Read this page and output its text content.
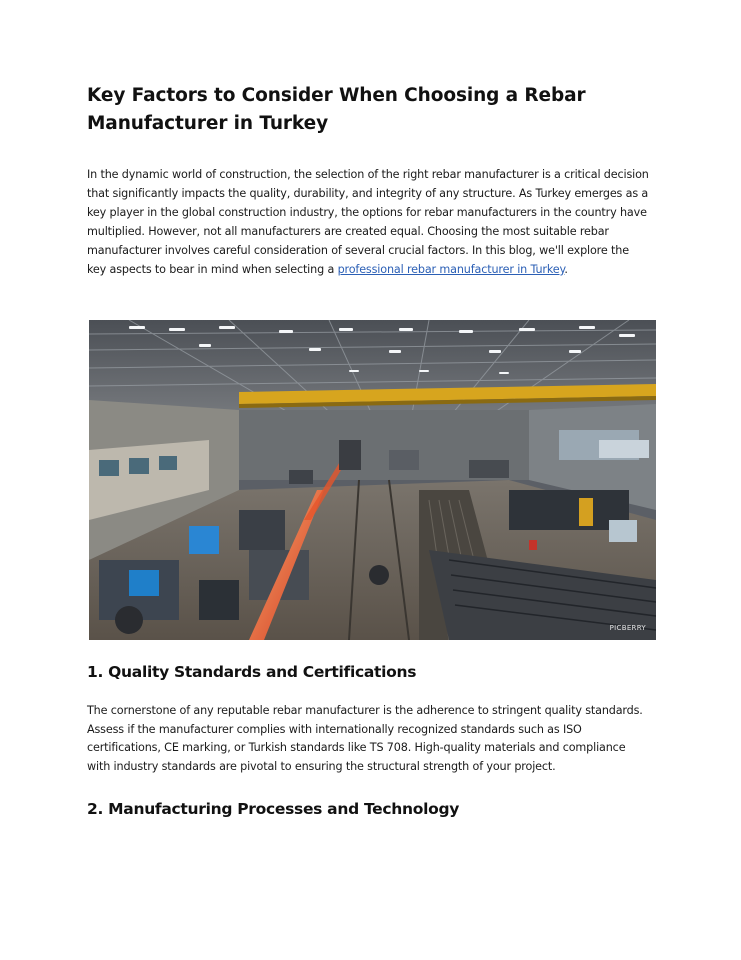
Key Factors to Consider When Choosing a Rebar Manufacturer in Turkey

In the dynamic world of construction, the selection of the right rebar manufacturer is a critical decision that significantly impacts the quality, durability, and integrity of any structure. As Turkey emerges as a key player in the global construction industry, the options for rebar manufacturers in the country have multiplied. However, not all manufacturers are created equal. Choosing the most suitable rebar manufacturer involves careful consideration of several crucial factors. In this blog, we'll explore the key aspects to bear in mind when selecting a professional rebar manufacturer in Turkey.

PICBERRY
1. Quality Standards and Certifications

The cornerstone of any reputable rebar manufacturer is the adherence to stringent quality standards. Assess if the manufacturer complies with internationally recognized standards such as ISO certifications, CE marking, or Turkish standards like TS 708. High-quality materials and compliance with industry standards are pivotal to ensuring the structural strength of your project.

2. Manufacturing Processes and Technology
